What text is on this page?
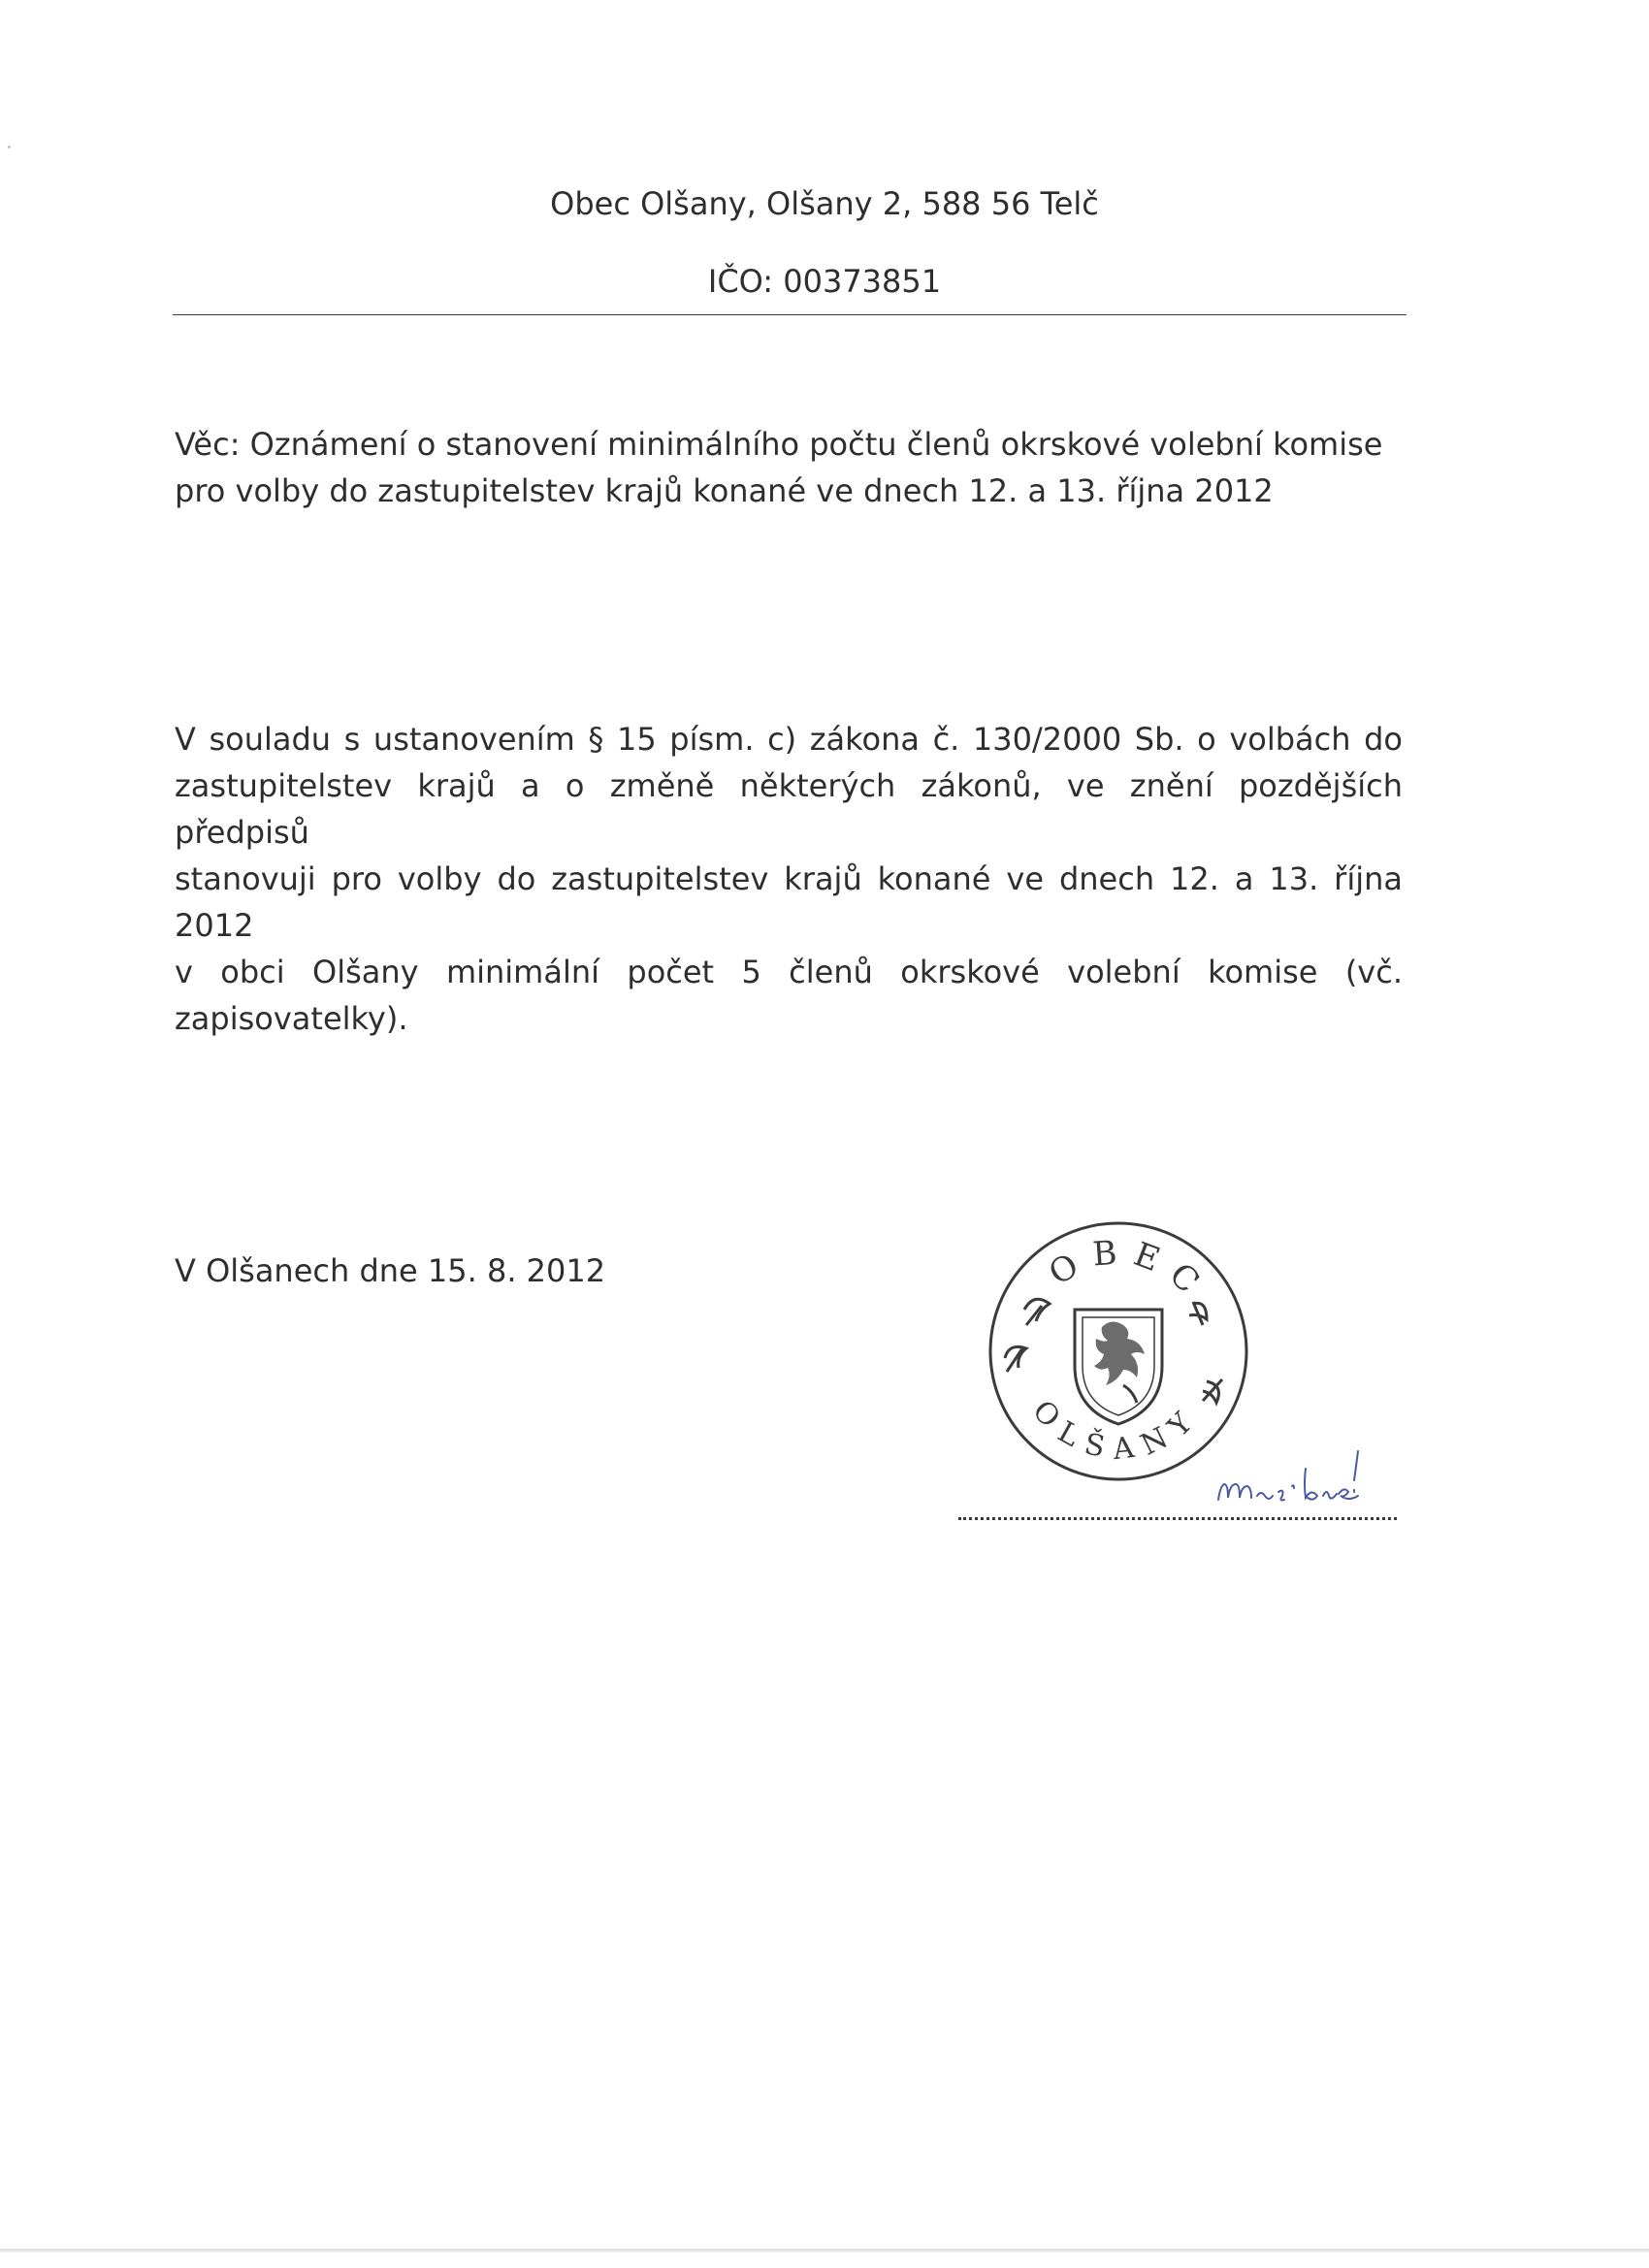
Obec Olšany, Olšany 2, 588 56 Telč
IČO: 00373851
Věc: Oznámení o stanovení minimálního počtu členů okrskové volební komise
pro volby do zastupitelstev krajů konané ve dnech 12. a 13. října 2012
V souladu s ustanovením § 15 písm. c) zákona č. 130/2000 Sb. o volbách do
zastupitelstev krajů a o změně některých zákonů, ve znění pozdějších předpisů
stanovuji pro volby do zastupitelstev krajů konané ve dnech 12. a 13. října 2012
v obci Olšany minimální počet 5 členů okrskové volební komise (vč.
zapisovatelky).
V Olšanech dne 15. 8. 2012	OBEC
OLŠANY
